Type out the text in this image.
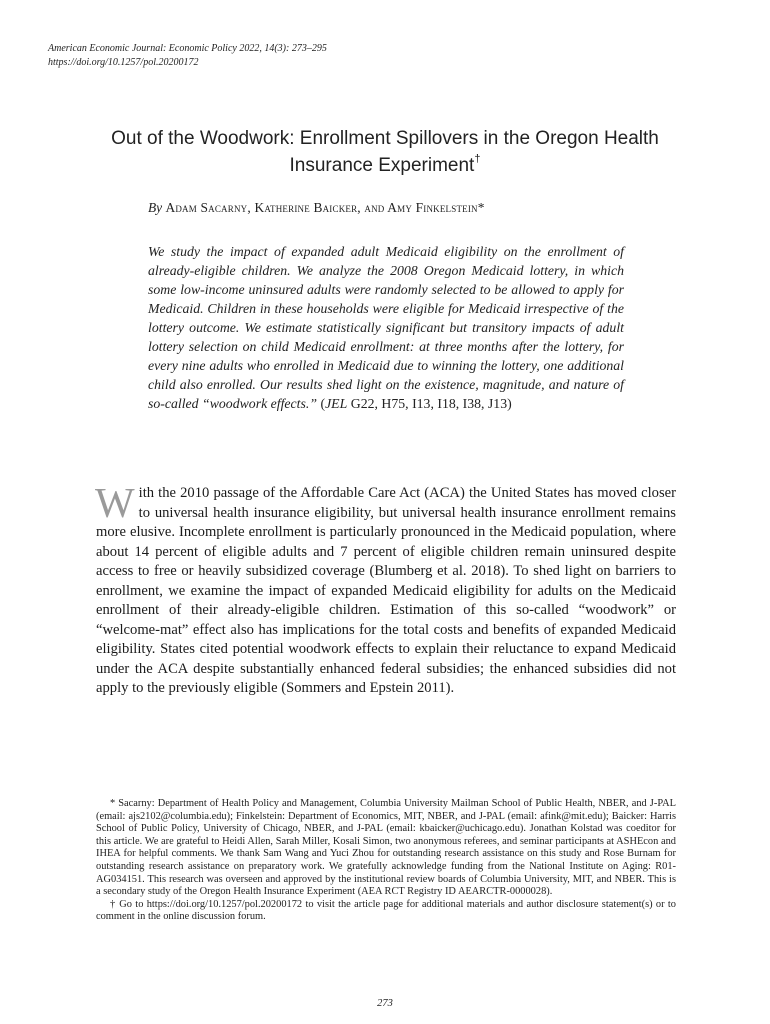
American Economic Journal: Economic Policy 2022, 14(3): 273–295
https://doi.org/10.1257/pol.20200172
Out of the Woodwork: Enrollment Spillovers in the Oregon Health Insurance Experiment†
By Adam Sacarny, Katherine Baicker, and Amy Finkelstein*
We study the impact of expanded adult Medicaid eligibility on the enrollment of already-eligible children. We analyze the 2008 Oregon Medicaid lottery, in which some low-income uninsured adults were randomly selected to be allowed to apply for Medicaid. Children in these households were eligible for Medicaid irrespective of the lottery outcome. We estimate statistically significant but transitory impacts of adult lottery selection on child Medicaid enrollment: at three months after the lottery, for every nine adults who enrolled in Medicaid due to winning the lottery, one additional child also enrolled. Our results shed light on the existence, magnitude, and nature of so-called “woodwork effects.” (JEL G22, H75, I13, I18, I38, J13)
With the 2010 passage of the Affordable Care Act (ACA) the United States has moved closer to universal health insurance eligibility, but universal health insurance enrollment remains more elusive. Incomplete enrollment is particularly pronounced in the Medicaid population, where about 14 percent of eligible adults and 7 percent of eligible children remain uninsured despite access to free or heavily subsidized coverage (Blumberg et al. 2018). To shed light on barriers to enrollment, we examine the impact of expanded Medicaid eligibility for adults on the Medicaid enrollment of their already-eligible children. Estimation of this so-called “woodwork” or “welcome-mat” effect also has implications for the total costs and benefits of expanded Medicaid eligibility. States cited potential woodwork effects to explain their reluctance to expand Medicaid under the ACA despite substantially enhanced federal subsidies; the enhanced subsidies did not apply to the previously eligible (Sommers and Epstein 2011).

* Sacarny: Department of Health Policy and Management, Columbia University Mailman School of Public Health, NBER, and J-PAL (email: ajs2102@columbia.edu); Finkelstein: Department of Economics, MIT, NBER, and J-PAL (email: afink@mit.edu); Baicker: Harris School of Public Policy, University of Chicago, NBER, and J-PAL (email: kbaicker@uchicago.edu). Jonathan Kolstad was coeditor for this article. We are grateful to Heidi Allen, Sarah Miller, Kosali Simon, two anonymous referees, and seminar participants at ASHEcon and IHEA for helpful comments. We thank Sam Wang and Yuci Zhou for outstanding research assistance on this study and Rose Burnam for outstanding research assistance on preparatory work. We gratefully acknowledge funding from the National Institute on Aging: R01-AG034151. This research was overseen and approved by the institutional review boards of Columbia University, MIT, and NBER. This is a secondary study of the Oregon Health Insurance Experiment (AEA RCT Registry ID AEARCTR-0000028).

† Go to https://doi.org/10.1257/pol.20200172 to visit the article page for additional materials and author disclosure statement(s) or to comment in the online discussion forum.

273
